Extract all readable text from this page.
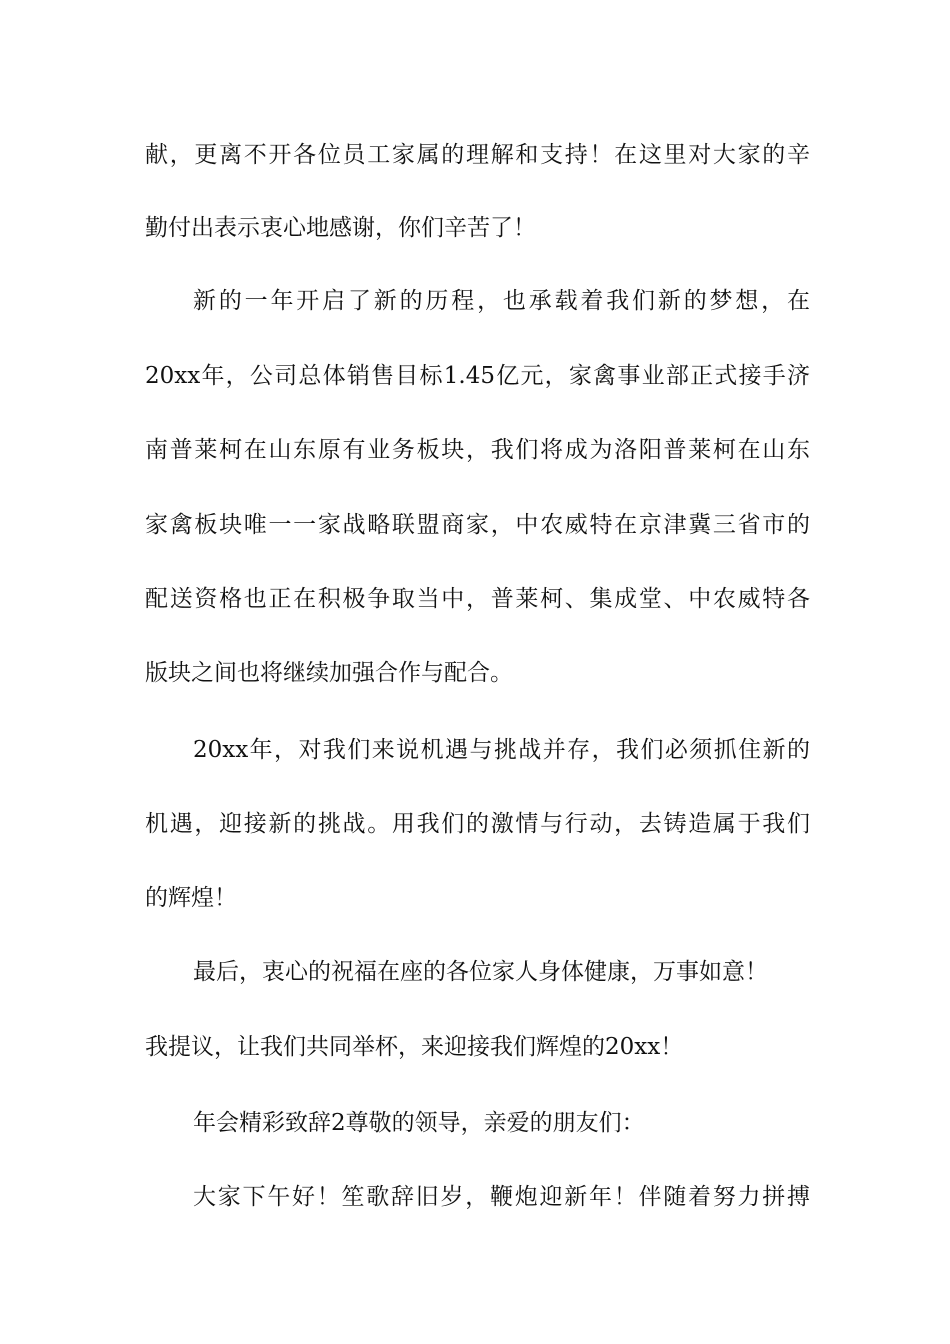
献，更离不开各位员工家属的理解和支持！在这里对大家的辛
勤付出表示衷心地感谢，你们辛苦了！
新的一年开启了新的历程，也承载着我们新的梦想，在
20xx年，公司总体销售目标1.45亿元，家禽事业部正式接手济
南普莱柯在山东原有业务板块，我们将成为洛阳普莱柯在山东
家禽板块唯一一家战略联盟商家，中农威特在京津冀三省市的
配送资格也正在积极争取当中，普莱柯、集成堂、中农威特各
版块之间也将继续加强合作与配合。
20xx年，对我们来说机遇与挑战并存，我们必须抓住新的
机遇，迎接新的挑战。用我们的激情与行动，去铸造属于我们
的辉煌！
最后，衷心的祝福在座的各位家人身体健康，万事如意！
我提议，让我们共同举杯，来迎接我们辉煌的20xx！
年会精彩致辞2尊敬的领导，亲爱的朋友们：
大家下午好！笙歌辞旧岁，鞭炮迎新年！伴随着努力拼搏
